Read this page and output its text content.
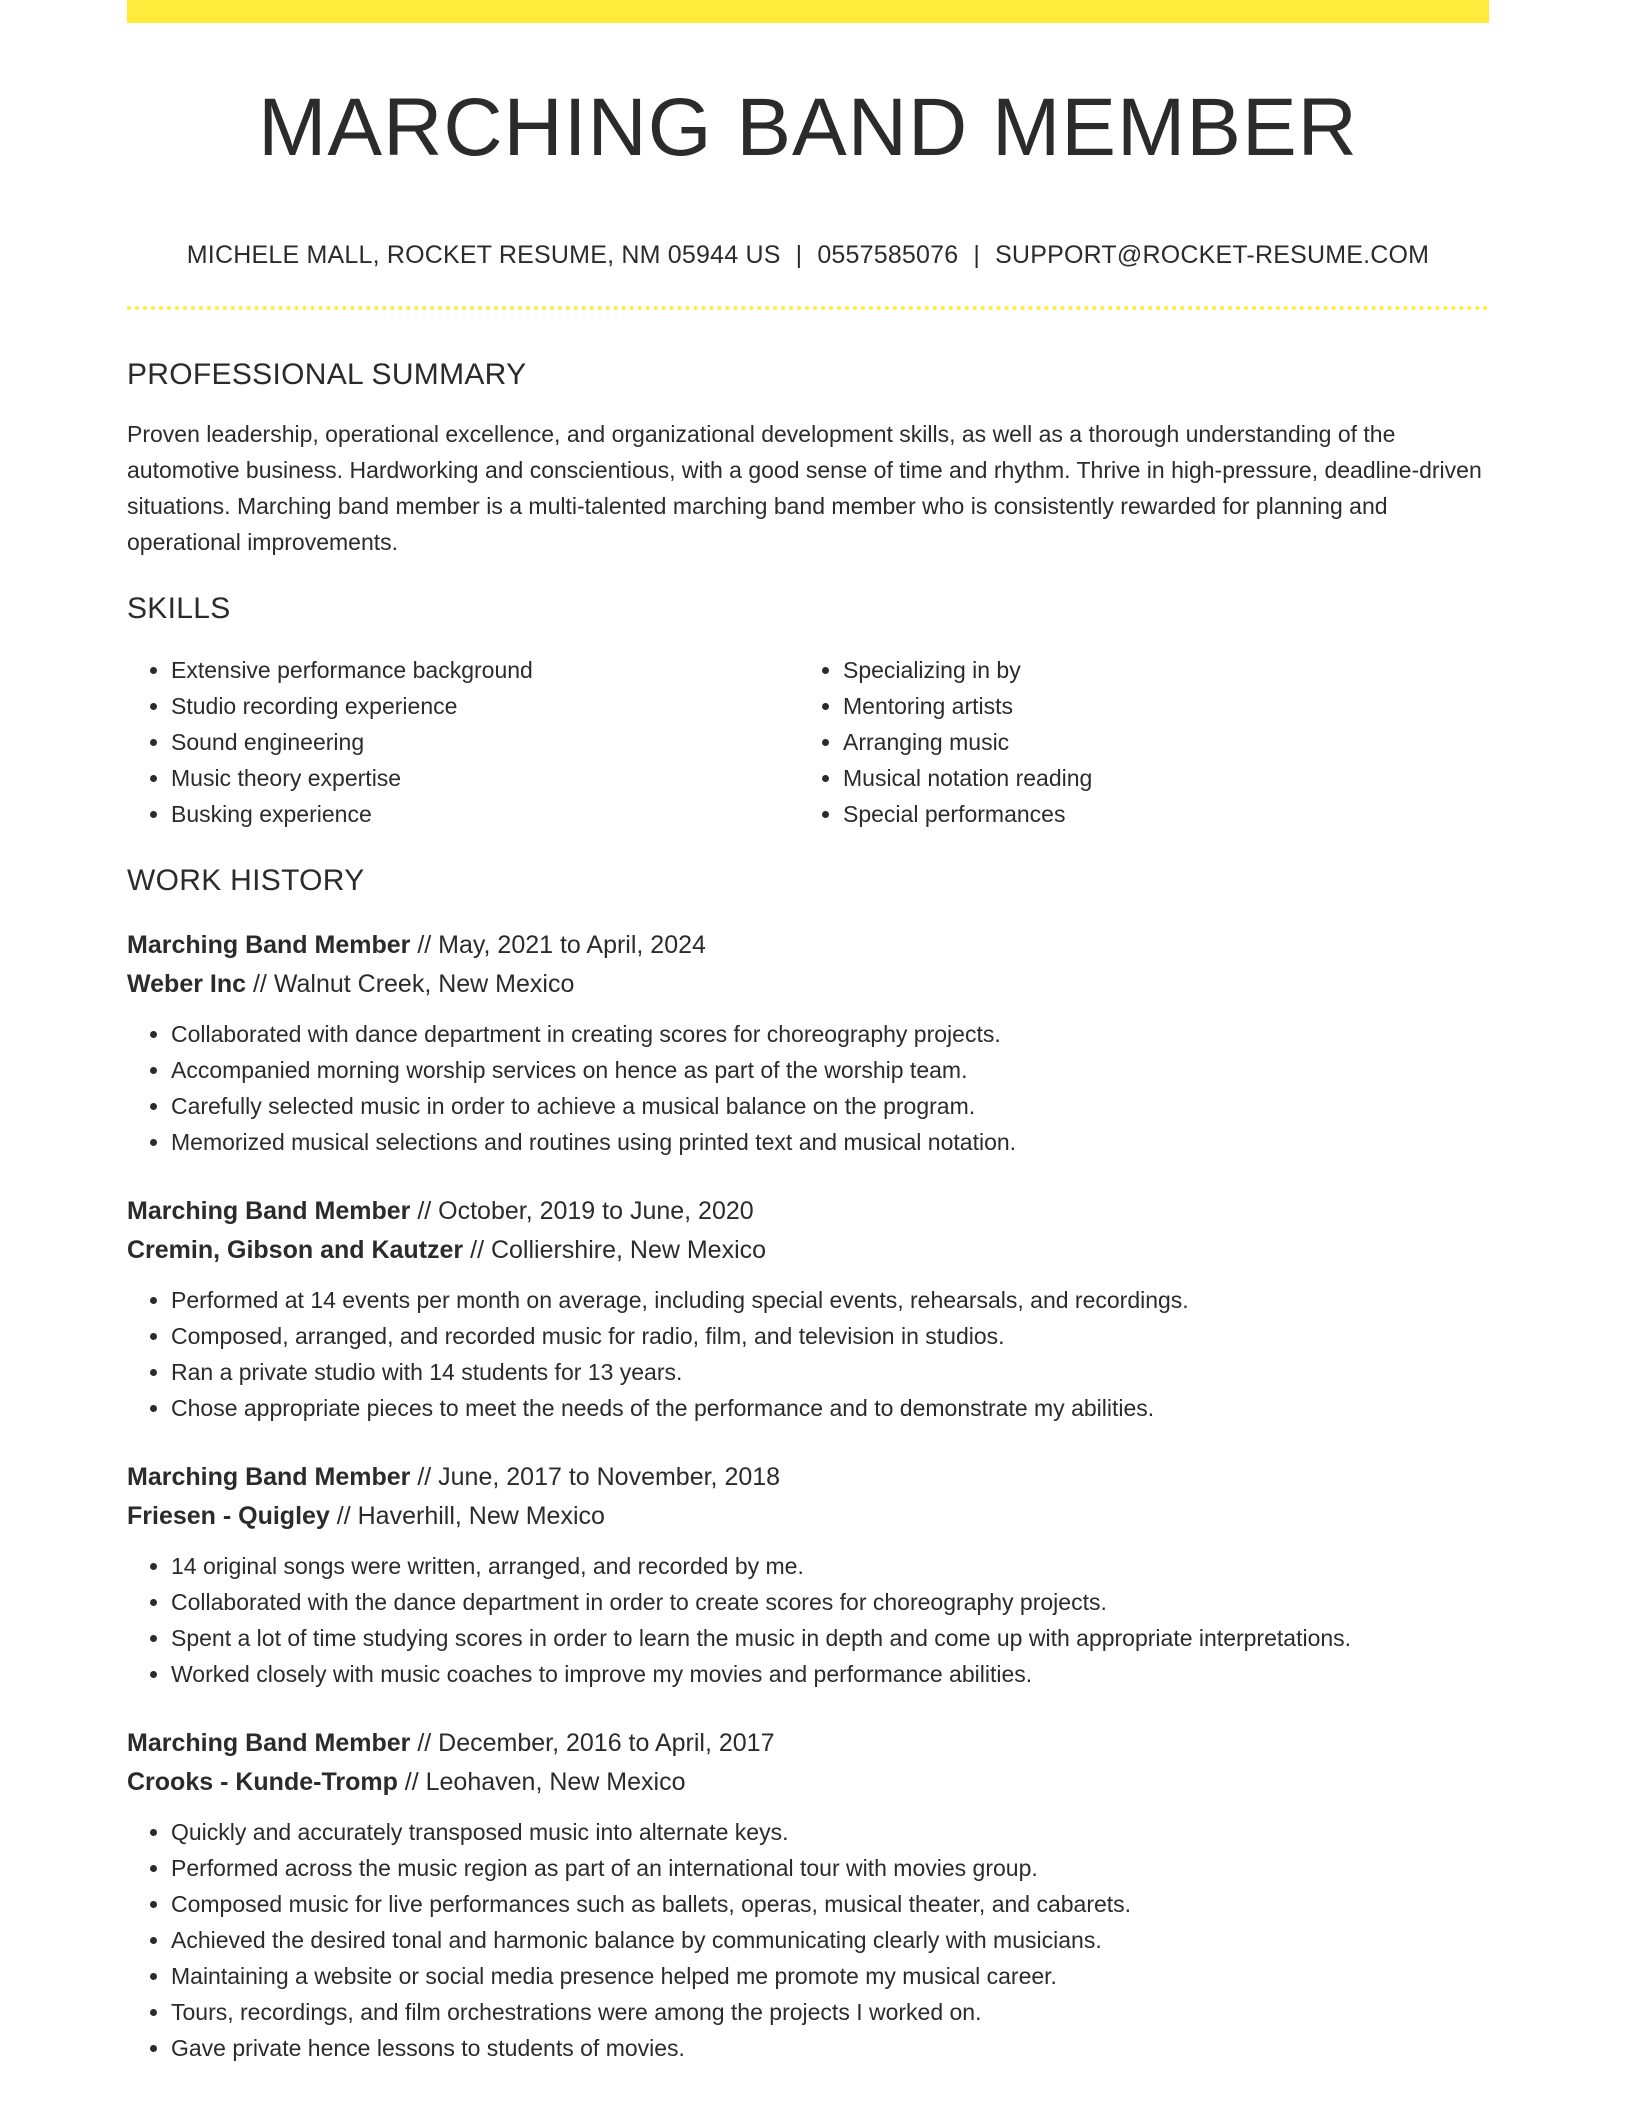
MARCHING BAND MEMBER
MICHELE MALL, ROCKET RESUME, NM 05944 US | 0557585076 | SUPPORT@ROCKET-RESUME.COM
PROFESSIONAL SUMMARY

Proven leadership, operational excellence, and organizational development skills, as well as a thorough understanding of the automotive business. Hardworking and conscientious, with a good sense of time and rhythm. Thrive in high-pressure, deadline-driven situations. Marching band member is a multi-talented marching band member who is consistently rewarded for planning and operational improvements.

SKILLS
• Extensive performance background
• Studio recording experience
• Sound engineering
• Music theory expertise
• Busking experience
• Specializing in by
• Mentoring artists
• Arranging music
• Musical notation reading
• Special performances
WORK HISTORY
Marching Band Member // May, 2021 to April, 2024
Weber Inc // Walnut Creek, New Mexico
• Collaborated with dance department in creating scores for choreography projects.
• Accompanied morning worship services on hence as part of the worship team.
• Carefully selected music in order to achieve a musical balance on the program.
• Memorized musical selections and routines using printed text and musical notation.
Marching Band Member // October, 2019 to June, 2020
Cremin, Gibson and Kautzer // Colliershire, New Mexico
• Performed at 14 events per month on average, including special events, rehearsals, and recordings.
• Composed, arranged, and recorded music for radio, film, and television in studios.
• Ran a private studio with 14 students for 13 years.
• Chose appropriate pieces to meet the needs of the performance and to demonstrate my abilities.
Marching Band Member // June, 2017 to November, 2018
Friesen - Quigley // Haverhill, New Mexico
• 14 original songs were written, arranged, and recorded by me.
• Collaborated with the dance department in order to create scores for choreography projects.
• Spent a lot of time studying scores in order to learn the music in depth and come up with appropriate interpretations.
• Worked closely with music coaches to improve my movies and performance abilities.
Marching Band Member // December, 2016 to April, 2017
Crooks - Kunde-Tromp // Leohaven, New Mexico
• Quickly and accurately transposed music into alternate keys.
• Performed across the music region as part of an international tour with movies group.
• Composed music for live performances such as ballets, operas, musical theater, and cabarets.
• Achieved the desired tonal and harmonic balance by communicating clearly with musicians.
• Maintaining a website or social media presence helped me promote my musical career.
• Tours, recordings, and film orchestrations were among the projects I worked on.
• Gave private hence lessons to students of movies.
